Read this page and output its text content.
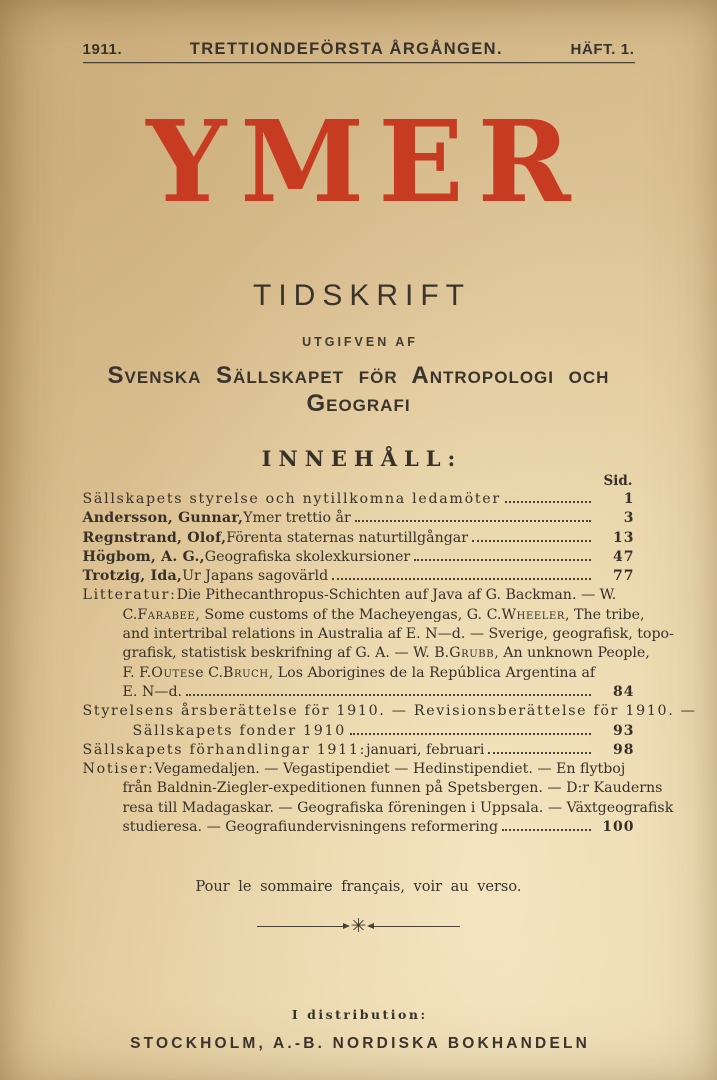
1911.	TRETTIONDEFÖRSTA ÅRGÅNGEN.	HÄFT. 1.
YMER
TIDSKRIFT
UTGIFVEN AF
Svenska Sällskapet för Antropologi och Geografi
INNEHÅLL:
Sid.
Sällskapets styrelse och nytillkomna ledamöter	1
Andersson, Gunnar, Ymer trettio år	3
Regnstrand, Olof, Förenta staternas naturtillgångar	13
Högbom, A. G., Geografiska skolexkursioner	47
Trotzig, Ida, Ur Japans sagovärld	77
Litteratur: Die Pithecanthropus-Schichten auf Java af G. Backman. — W.
C. Farabee , Some customs of the Macheyengas, G. C. Wheeler , The tribe,
and intertribal relations in Australia af E. N—d. — Sverige, geografisk, topo-
grafisk, statistisk beskrifning af G. A. — W. B. Grubb , An unknown People,
F. F. Outes e C. Bruch , Los Aborigines de la República Argentina af
E. N—d.	84
Styrelsens årsberättelse för 1910. — Revisionsberättelse för 1910. —
Sällskapets fonder 1910	93
Sällskapets förhandlingar 1911: januari, februari	98
Notiser: Vegamedaljen. — Vegastipendiet — Hedinstipendiet. — En flytboj
från Baldnin-Ziegler-expeditionen funnen på Spetsbergen. — D:r Kauderns
resa till Madagaskar. — Geografiska föreningen i Uppsala. — Växtgeografisk
studieresa. — Geografiundervisningens reformering	100
Pour le sommaire français, voir au verso.
✳
I distribution:
STOCKHOLM, A.-B. NORDISKA BOKHANDELN
